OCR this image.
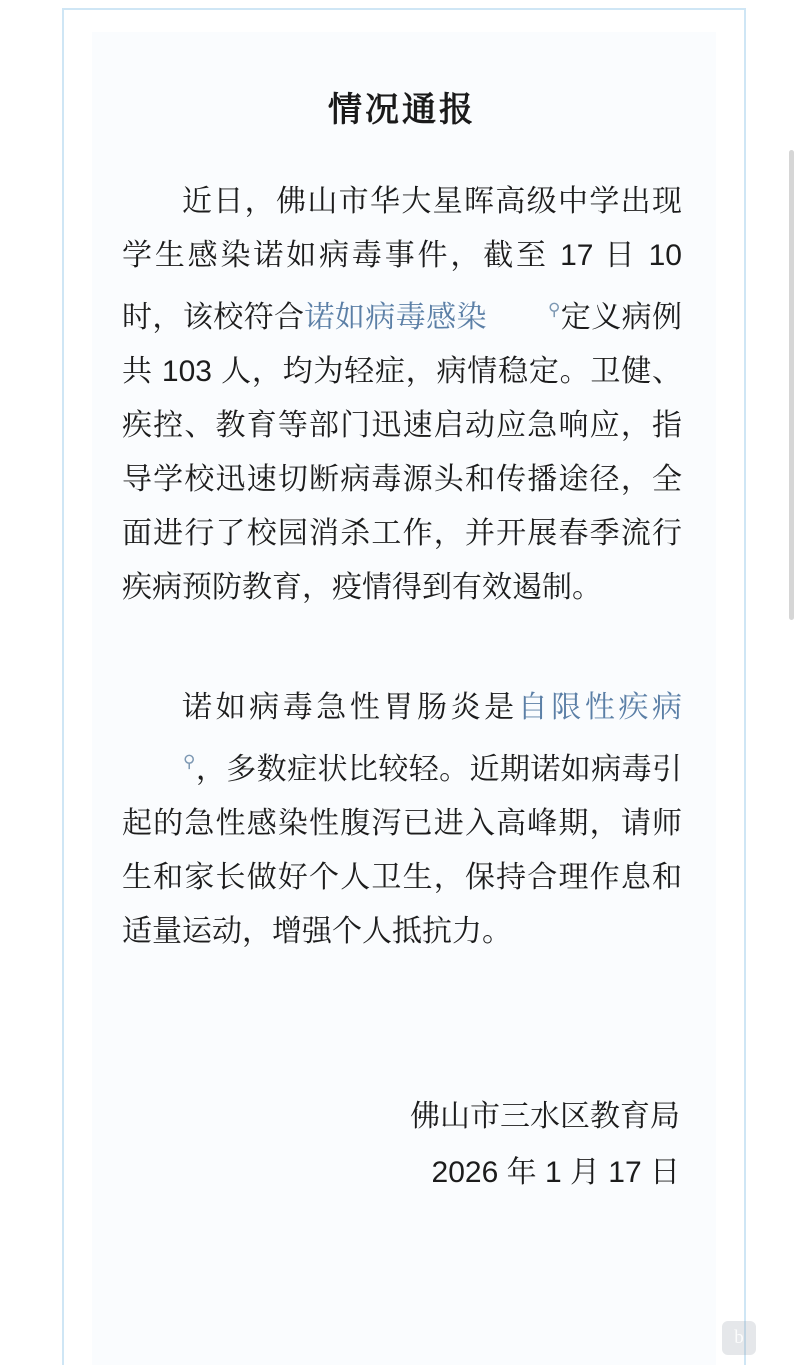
情况通报

近日，佛山市华大星晖高级中学出现学生感染诺如病毒事件，截至 17 日 10 时，该校符合诺如病毒感染	⚲定义病例共 103 人，均为轻症，病情稳定。卫健、疾控、教育等部门迅速启动应急响应，指导学校迅速切断病毒源头和传播途径，全面进行了校园消杀工作，并开展春季流行疾病预防教育，疫情得到有效遏制。

诺如病毒急性胃肠炎是自限性疾病⚲，多数症状比较轻。近期诺如病毒引起的急性感染性腹泻已进入高峰期，请师生和家长做好个人卫生，保持合理作息和适量运动，增强个人抵抗力。

佛山市三水区教育局
2026 年 1 月 17 日
b
